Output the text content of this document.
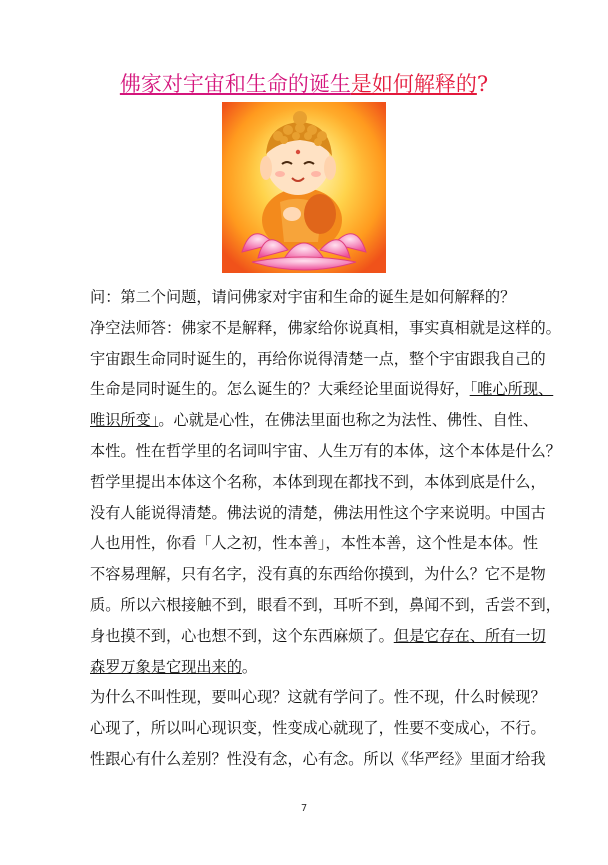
佛家对宇宙和生命的诞生是如何解释的?
问：第二个问题，请问佛家对宇宙和生命的诞生是如何解释的？
净空法师答：佛家不是解释，佛家给你说真相，事实真相就是这样的。
宇宙跟生命同时诞生的，再给你说得清楚一点，整个宇宙跟我自己的
生命是同时诞生的。怎么诞生的？大乘经论里面说得好，「唯心所现、
唯识所变」。心就是心性，在佛法里面也称之为法性、佛性、自性、
本性。性在哲学里的名词叫宇宙、人生万有的本体，这个本体是什么？
哲学里提出本体这个名称，本体到现在都找不到，本体到底是什么，
没有人能说得清楚。佛法说的清楚，佛法用性这个字来说明。中国古
人也用性，你看「人之初，性本善」，本性本善，这个性是本体。性
不容易理解，只有名字，没有真的东西给你摸到，为什么？它不是物
质。所以六根接触不到，眼看不到，耳听不到，鼻闻不到，舌尝不到，
身也摸不到，心也想不到，这个东西麻烦了。但是它存在、所有一切
森罗万象是它现出来的。
为什么不叫性现，要叫心现？这就有学问了。性不现，什么时候现？
心现了，所以叫心现识变，性变成心就现了，性要不变成心，不行。
性跟心有什么差别？性没有念，心有念。所以《华严经》里面才给我
7
